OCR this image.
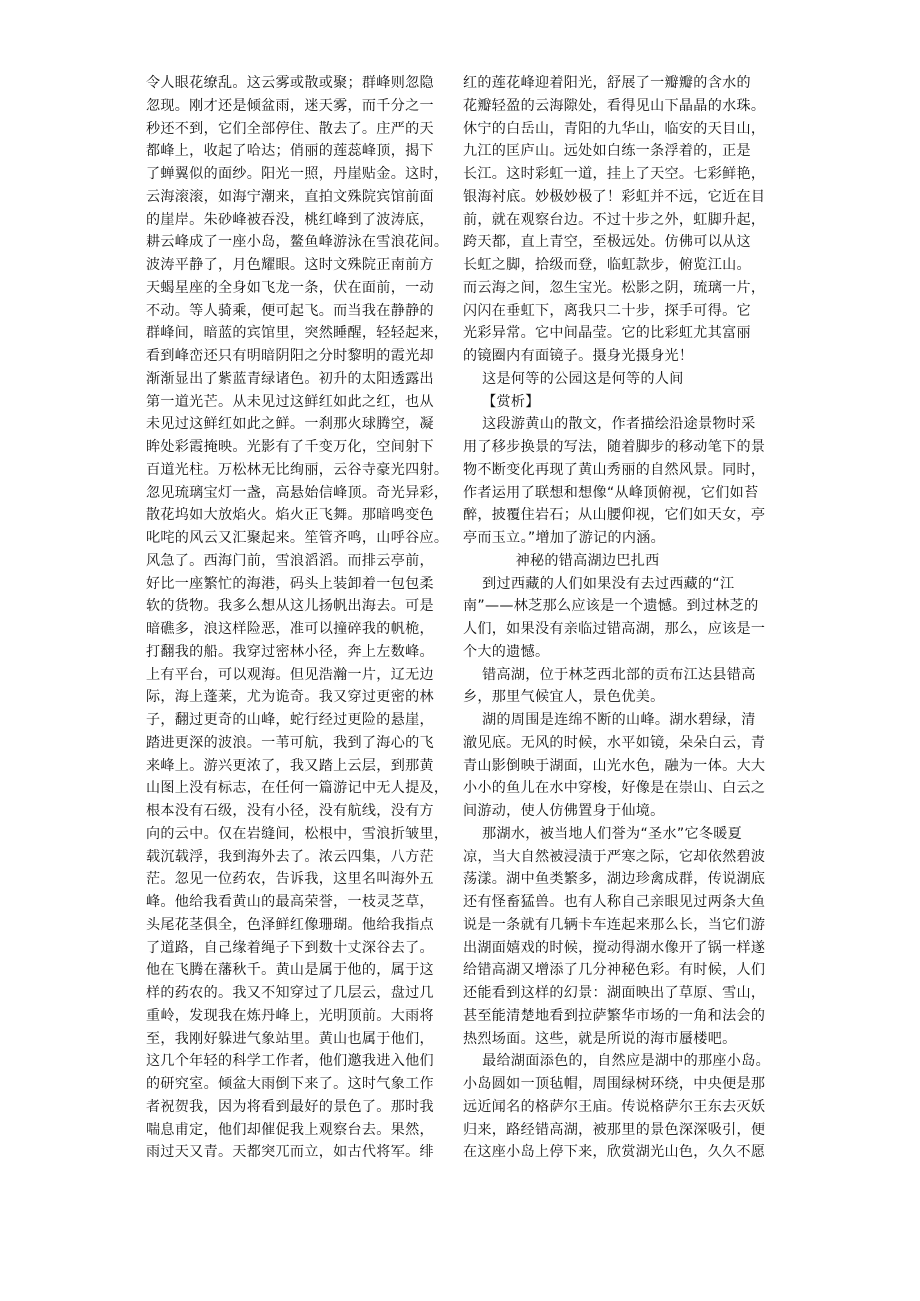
令人眼花缭乱。这云雾或散或聚；群峰则忽隐
忽现。刚才还是倾盆雨，迷天雾，而千分之一
秒还不到，它们全部停住、散去了。庄严的天
都峰上，收起了哈达；俏丽的莲蕊峰顶，揭下
了蝉翼似的面纱。阳光一照，丹崖贴金。这时，
云海滚滚，如海宁潮来，直拍文殊院宾馆前面
的崖岸。朱砂峰被吞没，桃红峰到了波涛底，
耕云峰成了一座小岛，鳌鱼峰游泳在雪浪花间。
波涛平静了，月色耀眼。这时文殊院正南前方
天蝎星座的全身如飞龙一条，伏在面前，一动
不动。等人骑乘，便可起飞。而当我在静静的
群峰间，暗蓝的宾馆里，突然睡醒，轻轻起来，
看到峰峦还只有明暗阴阳之分时黎明的霞光却
渐渐显出了紫蓝青绿诸色。初升的太阳透露出
第一道光芒。从未见过这鲜红如此之红，也从
未见过这鲜红如此之鲜。一刹那火球腾空，凝
眸处彩霞掩映。光影有了千变万化，空间射下
百道光柱。万松林无比绚丽，云谷寺豪光四射。
忽见琉璃宝灯一盏，高悬始信峰顶。奇光异彩，
散花坞如大放焰火。焰火正飞舞。那暗鸣变色
叱咤的风云又汇聚起来。笙管齐鸣，山呼谷应。
风急了。西海门前，雪浪滔滔。而排云亭前，
好比一座繁忙的海港，码头上装卸着一包包柔
软的货物。我多么想从这儿扬帆出海去。可是
暗礁多，浪这样险恶，准可以撞碎我的帆桅，
打翻我的船。我穿过密林小径，奔上左数峰。
上有平台，可以观海。但见浩瀚一片，辽无边
际，海上蓬莱，尤为诡奇。我又穿过更密的林
子，翻过更奇的山峰，蛇行经过更险的悬崖，
踏进更深的波浪。一苇可航，我到了海心的飞
来峰上。游兴更浓了，我又踏上云层，到那黄
山图上没有标志，在任何一篇游记中无人提及，
根本没有石级，没有小径，没有航线，没有方
向的云中。仅在岩缝间，松根中，雪浪折皱里，
载沉载浮，我到海外去了。浓云四集，八方茫
茫。忽见一位药农，告诉我，这里名叫海外五
峰。他给我看黄山的最高荣誉，一枝灵芝草，
头尾花茎俱全，色泽鲜红像珊瑚。他给我指点
了道路，自己缘着绳子下到数十丈深谷去了。
他在飞腾在藩秋千。黄山是属于他的，属于这
样的药农的。我又不知穿过了几层云，盘过几
重岭，发现我在炼丹峰上，光明顶前。大雨将
至，我刚好躲进气象站里。黄山也属于他们，
这几个年轻的科学工作者，他们邀我进入他们
的研究室。倾盆大雨倒下来了。这时气象工作
者祝贺我，因为将看到最好的景色了。那时我
喘息甫定，他们却催促我上观察台去。果然，
雨过天又青。天都突兀而立，如古代将军。绯
红的莲花峰迎着阳光，舒展了一瓣瓣的含水的
花瓣轻盈的云海隙处，看得见山下晶晶的水珠。
休宁的白岳山，青阳的九华山，临安的天目山，
九江的匡庐山。远处如白练一条浮着的，正是
长江。这时彩虹一道，挂上了天空。七彩鲜艳，
银海衬底。妙极妙极了！彩虹并不远，它近在目
前，就在观察台边。不过十步之外，虹脚升起，
跨天都，直上青空，至极远处。仿佛可以从这
长虹之脚，拾级而登，临虹款步，俯览江山。
而云海之间，忽生宝光。松影之阴，琉璃一片，
闪闪在垂虹下，离我只二十步，探手可得。它
光彩异常。它中间晶莹。它的比彩虹尤其富丽
的镜圈内有面镜子。摄身光摄身光！
这是何等的公园这是何等的人间
【赏析】
这段游黄山的散文，作者描绘沿途景物时采
用了移步换景的写法，随着脚步的移动笔下的景
物不断变化再现了黄山秀丽的自然风景。同时，
作者运用了联想和想像“从峰顶俯视，它们如苔
醉，披覆住岩石；从山腰仰视，它们如天女，亭
亭而玉立。”增加了游记的内涵。
神秘的错高湖边巴扎西
到过西藏的人们如果没有去过西藏的“江
南”——林芝那么应该是一个遗憾。到过林芝的
人们，如果没有亲临过错高湖，那么，应该是一
个大的遗憾。
错高湖，位于林芝西北部的贡布江达县错高
乡，那里气候宜人，景色优美。
湖的周围是连绵不断的山峰。湖水碧绿，清
澈见底。无风的时候，水平如镜，朵朵白云，青
青山影倒映于湖面，山光水色，融为一体。大大
小小的鱼儿在水中穿梭，好像是在崇山、白云之
间游动，使人仿佛置身于仙境。
那湖水，被当地人们誉为“圣水”它冬暖夏
凉，当大自然被浸渍于严寒之际，它却依然碧波
荡漾。湖中鱼类繁多，湖边珍禽成群，传说湖底
还有怪畜猛兽。也有人称自己亲眼见过两条大鱼
说是一条就有几辆卡车连起来那么长，当它们游
出湖面嬉戏的时候，搅动得湖水像开了锅一样遂
给错高湖又增添了几分神秘色彩。有时候，人们
还能看到这样的幻景：湖面映出了草原、雪山，
甚至能清楚地看到拉萨繁华市场的一角和法会的
热烈场面。这些，就是所说的海市蜃楼吧。
最给湖面添色的，自然应是湖中的那座小岛。
小岛圆如一顶毡帽，周围绿树环绕，中央便是那
远近闻名的格萨尔王庙。传说格萨尔王东去灭妖
归来，路经错高湖，被那里的景色深深吸引，便
在这座小岛上停下来，欣赏湖光山色，久久不愿
